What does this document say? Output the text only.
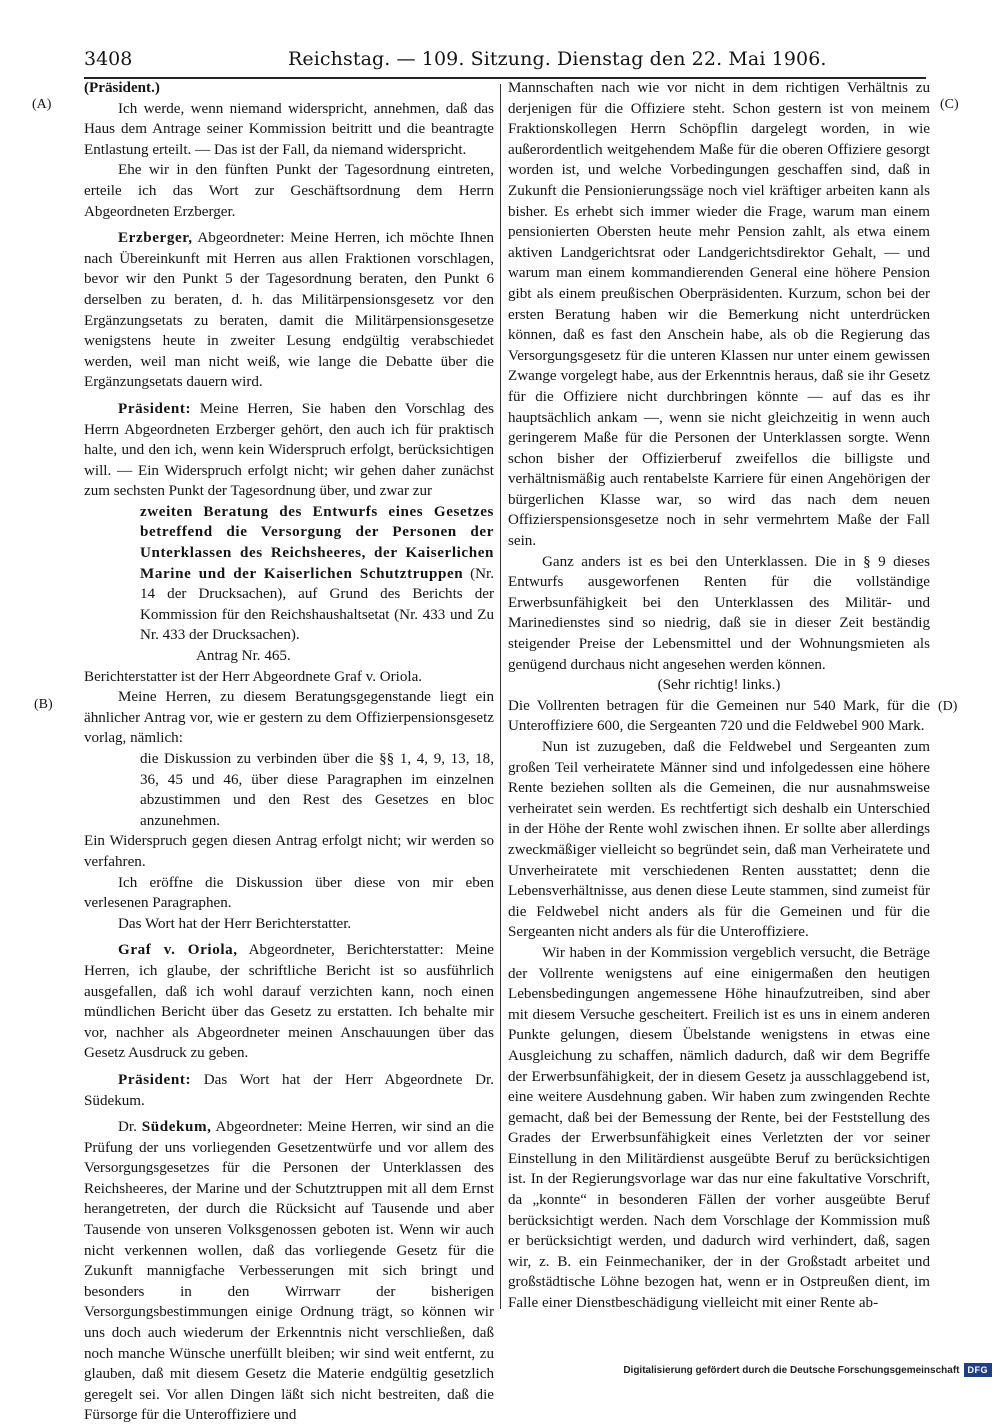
3408	Reichstag. — 109. Sitzung. Dienstag den 22. Mai 1906.
(A)
(B)
(C)
(D)

(Präsident.)

Ich werde, wenn niemand widerspricht, annehmen, daß das Haus dem Antrage seiner Kommission beitritt und die beantragte Entlastung erteilt. — Das ist der Fall, da niemand widerspricht.

Ehe wir in den fünften Punkt der Tagesordnung eintreten, erteile ich das Wort zur Geschäftsordnung dem Herrn Abgeordneten Erzberger.

Erzberger, Abgeordneter: Meine Herren, ich möchte Ihnen nach Übereinkunft mit Herren aus allen Fraktionen vorschlagen, bevor wir den Punkt 5 der Tagesordnung beraten, den Punkt 6 derselben zu beraten, d. h. das Militärpensionsgesetz vor den Ergänzungsetats zu beraten, damit die Militärpensionsgesetze wenigstens heute in zweiter Lesung endgültig verabschiedet werden, weil man nicht weiß, wie lange die Debatte über die Ergänzungsetats dauern wird.

Präsident: Meine Herren, Sie haben den Vorschlag des Herrn Abgeordneten Erzberger gehört, den auch ich für praktisch halte, und den ich, wenn kein Widerspruch erfolgt, berücksichtigen will. — Ein Widerspruch erfolgt nicht; wir gehen daher zunächst zum sechsten Punkt der Tagesordnung über, und zwar zur

zweiten Beratung des Entwurfs eines Gesetzes betreffend die Versorgung der Personen der Unterklassen des Reichsheeres, der Kaiserlichen Marine und der Kaiserlichen Schutztruppen (Nr. 14 der Drucksachen), auf Grund des Berichts der Kommission für den Reichshaushaltsetat (Nr. 433 und Zu Nr. 433 der Drucksachen).

Antrag Nr. 465.

Berichterstatter ist der Herr Abgeordnete Graf v. Oriola.

Meine Herren, zu diesem Beratungsgegenstande liegt ein ähnlicher Antrag vor, wie er gestern zu dem Offizierpensionsgesetz vorlag, nämlich:

die Diskussion zu verbinden über die §§ 1, 4, 9, 13, 18, 36, 45 und 46, über diese Paragraphen im einzelnen abzustimmen und den Rest des Gesetzes en bloc anzunehmen.

Ein Widerspruch gegen diesen Antrag erfolgt nicht; wir werden so verfahren.

Ich eröffne die Diskussion über diese von mir eben verlesenen Paragraphen.

Das Wort hat der Herr Berichterstatter.

Graf v. Oriola, Abgeordneter, Berichterstatter: Meine Herren, ich glaube, der schriftliche Bericht ist so ausführlich ausgefallen, daß ich wohl darauf verzichten kann, noch einen mündlichen Bericht über das Gesetz zu erstatten. Ich behalte mir vor, nachher als Abgeordneter meinen Anschauungen über das Gesetz Ausdruck zu geben.

Präsident: Das Wort hat der Herr Abgeordnete Dr. Südekum.

Dr. Südekum, Abgeordneter: Meine Herren, wir sind an die Prüfung der uns vorliegenden Gesetzentwürfe und vor allem des Versorgungsgesetzes für die Personen der Unterklassen des Reichsheeres, der Marine und der Schutztruppen mit all dem Ernst herangetreten, der durch die Rücksicht auf Tausende und aber Tausende von unseren Volksgenossen geboten ist. Wenn wir auch nicht verkennen wollen, daß das vorliegende Gesetz für die Zukunft mannigfache Verbesserungen mit sich bringt und besonders in den Wirrwarr der bisherigen Versorgungsbestimmungen einige Ordnung trägt, so können wir uns doch auch wiederum der Erkenntnis nicht verschließen, daß noch manche Wünsche unerfüllt bleiben; wir sind weit entfernt, zu glauben, daß mit diesem Gesetz die Materie endgültig gesetzlich geregelt sei. Vor allen Dingen läßt sich nicht bestreiten, daß die Fürsorge für die Unteroffiziere und

Mannschaften nach wie vor nicht in dem richtigen Verhältnis zu derjenigen für die Offiziere steht. Schon gestern ist von meinem Fraktionskollegen Herrn Schöpflin dargelegt worden, in wie außerordentlich weitgehendem Maße für die oberen Offiziere gesorgt worden ist, und welche Vorbedingungen geschaffen sind, daß in Zukunft die Pensionierungssäge noch viel kräftiger arbeiten kann als bisher. Es erhebt sich immer wieder die Frage, warum man einem pensionierten Obersten heute mehr Pension zahlt, als etwa einem aktiven Landgerichtsrat oder Landgerichtsdirektor Gehalt, — und warum man einem kommandierenden General eine höhere Pension gibt als einem preußischen Oberpräsidenten. Kurzum, schon bei der ersten Beratung haben wir die Bemerkung nicht unterdrücken können, daß es fast den Anschein habe, als ob die Regierung das Versorgungsgesetz für die unteren Klassen nur unter einem gewissen Zwange vorgelegt habe, aus der Erkenntnis heraus, daß sie ihr Gesetz für die Offiziere nicht durchbringen könnte — auf das es ihr hauptsächlich ankam —, wenn sie nicht gleichzeitig in wenn auch geringerem Maße für die Personen der Unterklassen sorgte. Wenn schon bisher der Offizierberuf zweifellos die billigste und verhältnismäßig auch rentabelste Karriere für einen Angehörigen der bürgerlichen Klasse war, so wird das nach dem neuen Offizierspensionsgesetze noch in sehr vermehrtem Maße der Fall sein.

Ganz anders ist es bei den Unterklassen. Die in § 9 dieses Entwurfs ausgeworfenen Renten für die vollständige Erwerbsunfähigkeit bei den Unterklassen des Militär- und Marinedienstes sind so niedrig, daß sie in dieser Zeit beständig steigender Preise der Lebensmittel und der Wohnungsmieten als genügend durchaus nicht angesehen werden können.

(Sehr richtig! links.)

Die Vollrenten betragen für die Gemeinen nur 540 Mark, für die Unteroffiziere 600, die Sergeanten 720 und die Feldwebel 900 Mark.

Nun ist zuzugeben, daß die Feldwebel und Sergeanten zum großen Teil verheiratete Männer sind und infolgedessen eine höhere Rente beziehen sollten als die Gemeinen, die nur ausnahmsweise verheiratet sein werden. Es rechtfertigt sich deshalb ein Unterschied in der Höhe der Rente wohl zwischen ihnen. Er sollte aber allerdings zweckmäßiger vielleicht so begründet sein, daß man Verheiratete und Unverheiratete mit verschiedenen Renten ausstattet; denn die Lebensverhältnisse, aus denen diese Leute stammen, sind zumeist für die Feldwebel nicht anders als für die Gemeinen und für die Sergeanten nicht anders als für die Unteroffiziere.

Wir haben in der Kommission vergeblich versucht, die Beträge der Vollrente wenigstens auf eine einigermaßen den heutigen Lebensbedingungen angemessene Höhe hinaufzutreiben, sind aber mit diesem Versuche gescheitert. Freilich ist es uns in einem anderen Punkte gelungen, diesem Übelstande wenigstens in etwas eine Ausgleichung zu schaffen, nämlich dadurch, daß wir dem Begriffe der Erwerbsunfähigkeit, der in diesem Gesetz ja ausschlaggebend ist, eine weitere Ausdehnung gaben. Wir haben zum zwingenden Rechte gemacht, daß bei der Bemessung der Rente, bei der Feststellung des Grades der Erwerbsunfähigkeit eines Verletzten der vor seiner Einstellung in den Militärdienst ausgeübte Beruf zu berücksichtigen ist. In der Regierungsvorlage war das nur eine fakultative Vorschrift, da „konnte“ in besonderen Fällen der vorher ausgeübte Beruf berücksichtigt werden. Nach dem Vorschlage der Kommission muß er berücksichtigt werden, und dadurch wird verhindert, daß, sagen wir, z. B. ein Feinmechaniker, der in der Großstadt arbeitet und großstädtische Löhne bezogen hat, wenn er in Ostpreußen dient, im Falle einer Dienstbeschädigung vielleicht mit einer Rente ab-

Digitalisierung gefördert durch die Deutsche Forschungsgemeinschaft DFG
